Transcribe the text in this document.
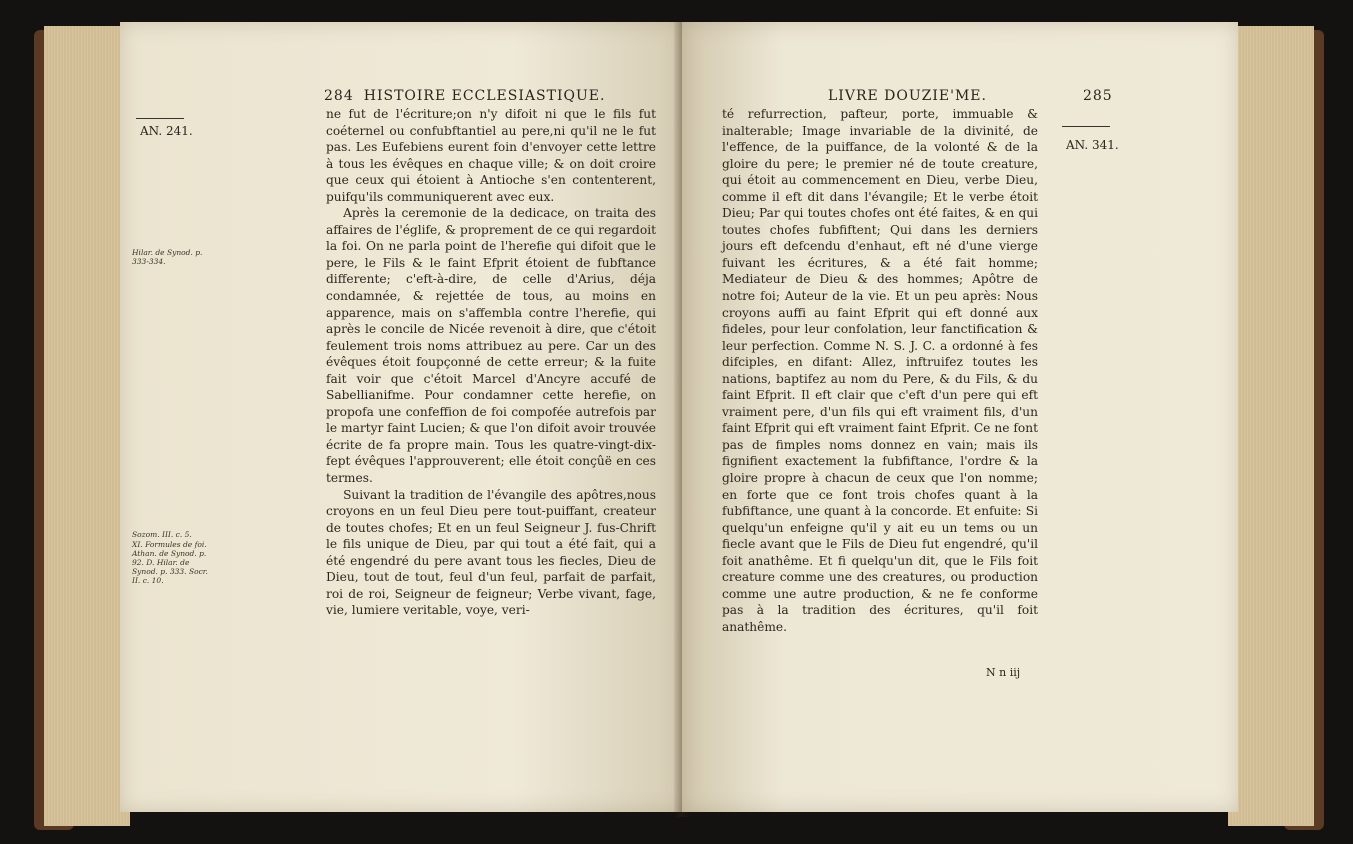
284 HISTOIRE ECCLESIASTIQUE.
AN. 241.
Hilar. de Synod. p. 333-334.
Sozom. III. c. 5.
XI. Formules de foi. Athan. de Synod. p. 92. D. Hilar. de Synod. p. 333. Socr. II. c. 10.

ne fut de l'écriture;on n'y difoit ni que le fils fut coéternel ou confubftantiel au pere,ni qu'il ne le fut pas. Les Eufebiens eurent foin d'envoyer cette lettre à tous les évêques en chaque ville; & on doit croire que ceux qui étoient à Antioche s'en contenterent, puifqu'ils communiquerent avec eux.

Après la ceremonie de la dedicace, on traita des affaires de l'églife, & proprement de ce qui regardoit la foi. On ne parla point de l'herefie qui difoit que le pere, le Fils & le faint Efprit étoient de fubftance differente; c'eft-à-dire, de celle d'Arius, déja condamnée, & rejettée de tous, au moins en apparence, mais on s'affembla contre l'herefie, qui après le concile de Nicée revenoit à dire, que c'étoit feulement trois noms attribuez au pere. Car un des évêques étoit foupçonné de cette erreur; & la fuite fait voir que c'étoit Marcel d'Ancyre accufé de Sabellianifme. Pour condamner cette herefie, on propofa une confeffion de foi compofée autrefois par le martyr faint Lucien; & que l'on difoit avoir trouvée écrite de fa propre main. Tous les quatre-vingt-dix-fept évêques l'approuverent; elle étoit conçûë en ces termes.

Suivant la tradition de l'évangile des apôtres,nous croyons en un feul Dieu pere tout-puiffant, createur de toutes chofes; Et en un feul Seigneur J. fus-Chrift le fils unique de Dieu, par qui tout a été fait, qui a été engendré du pere avant tous les fiecles, Dieu de Dieu, tout de tout, feul d'un feul, parfait de parfait, roi de roi, Seigneur de feigneur; Verbe vivant, fage, vie, lumiere veritable, voye, veri-

LIVRE DOUZIE'ME.	285
AN. 341.

té refurrection, pafteur, porte, immuable & inalterable; Image invariable de la divinité, de l'effence, de la puiffance, de la volonté & de la gloire du pere; le premier né de toute creature, qui étoit au commencement en Dieu, verbe Dieu, comme il eft dit dans l'évangile; Et le verbe étoit Dieu; Par qui toutes chofes ont été faites, & en qui toutes chofes fubfiftent; Qui dans les derniers jours eft defcendu d'enhaut, eft né d'une vierge fuivant les écritures, & a été fait homme; Mediateur de Dieu & des hommes; Apôtre de notre foi; Auteur de la vie. Et un peu après: Nous croyons auffi au faint Efprit qui eft donné aux fideles, pour leur confolation, leur fanctification & leur perfection. Comme N. S. J. C. a ordonné à fes difciples, en difant: Allez, inftruifez toutes les nations, baptifez au nom du Pere, & du Fils, & du faint Efprit. Il eft clair que c'eft d'un pere qui eft vraiment pere, d'un fils qui eft vraiment fils, d'un faint Efprit qui eft vraiment faint Efprit. Ce ne font pas de fimples noms donnez en vain; mais ils fignifient exactement la fubfiftance, l'ordre & la gloire propre à chacun de ceux que l'on nomme; en forte que ce font trois chofes quant à la fubfiftance, une quant à la concorde. Et enfuite: Si quelqu'un enfeigne qu'il y ait eu un tems ou un fiecle avant que le Fils de Dieu fut engendré, qu'il foit anathême. Et fi quelqu'un dit, que le Fils foit creature comme une des creatures, ou production comme une autre production, & ne fe conforme pas à la tradition des écritures, qu'il foit anathême.

N n iij
